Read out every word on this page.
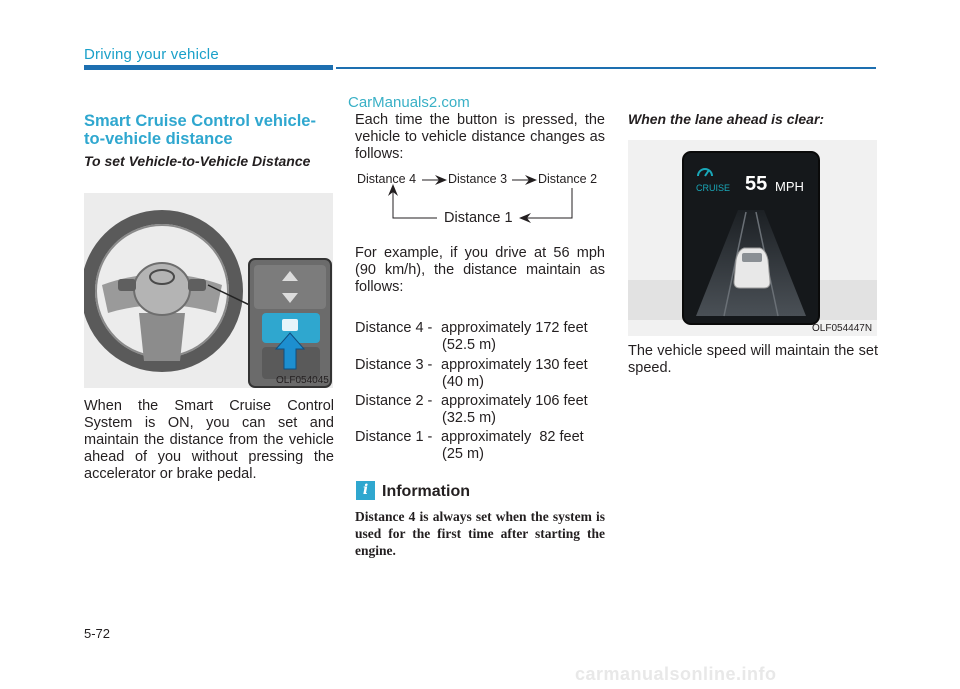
Driving your vehicle
CarManuals2.com
Smart Cruise Control vehicle-to-vehicle distance
To set Vehicle-to-Vehicle Distance
OLF054045
When the Smart Cruise Control System is ON, you can set and maintain the distance from the vehicle ahead of you without pressing the accelerator or brake pedal.
Each time the button is pressed, the vehicle to vehicle distance changes as follows:
Distance 4	Distance 3 Distance 2
Distance 1
For example, if you drive at 56 mph (90 km/h), the distance maintain as follows:
Distance 4 - approximately 172 feet
(52.5 m)
Distance 3 - approximately 130 feet
(40 m)
Distance 2 - approximately 106 feet
(32.5 m)
Distance 1 - approximately  82 feet
(25 m)
i Information
Distance 4 is always set when the system is used for the first time after starting the engine.
When the lane ahead is clear:
CRUISE 55 MPH
OLF054447N
The vehicle speed will maintain the set speed.
5-72
carmanualsonline.info
